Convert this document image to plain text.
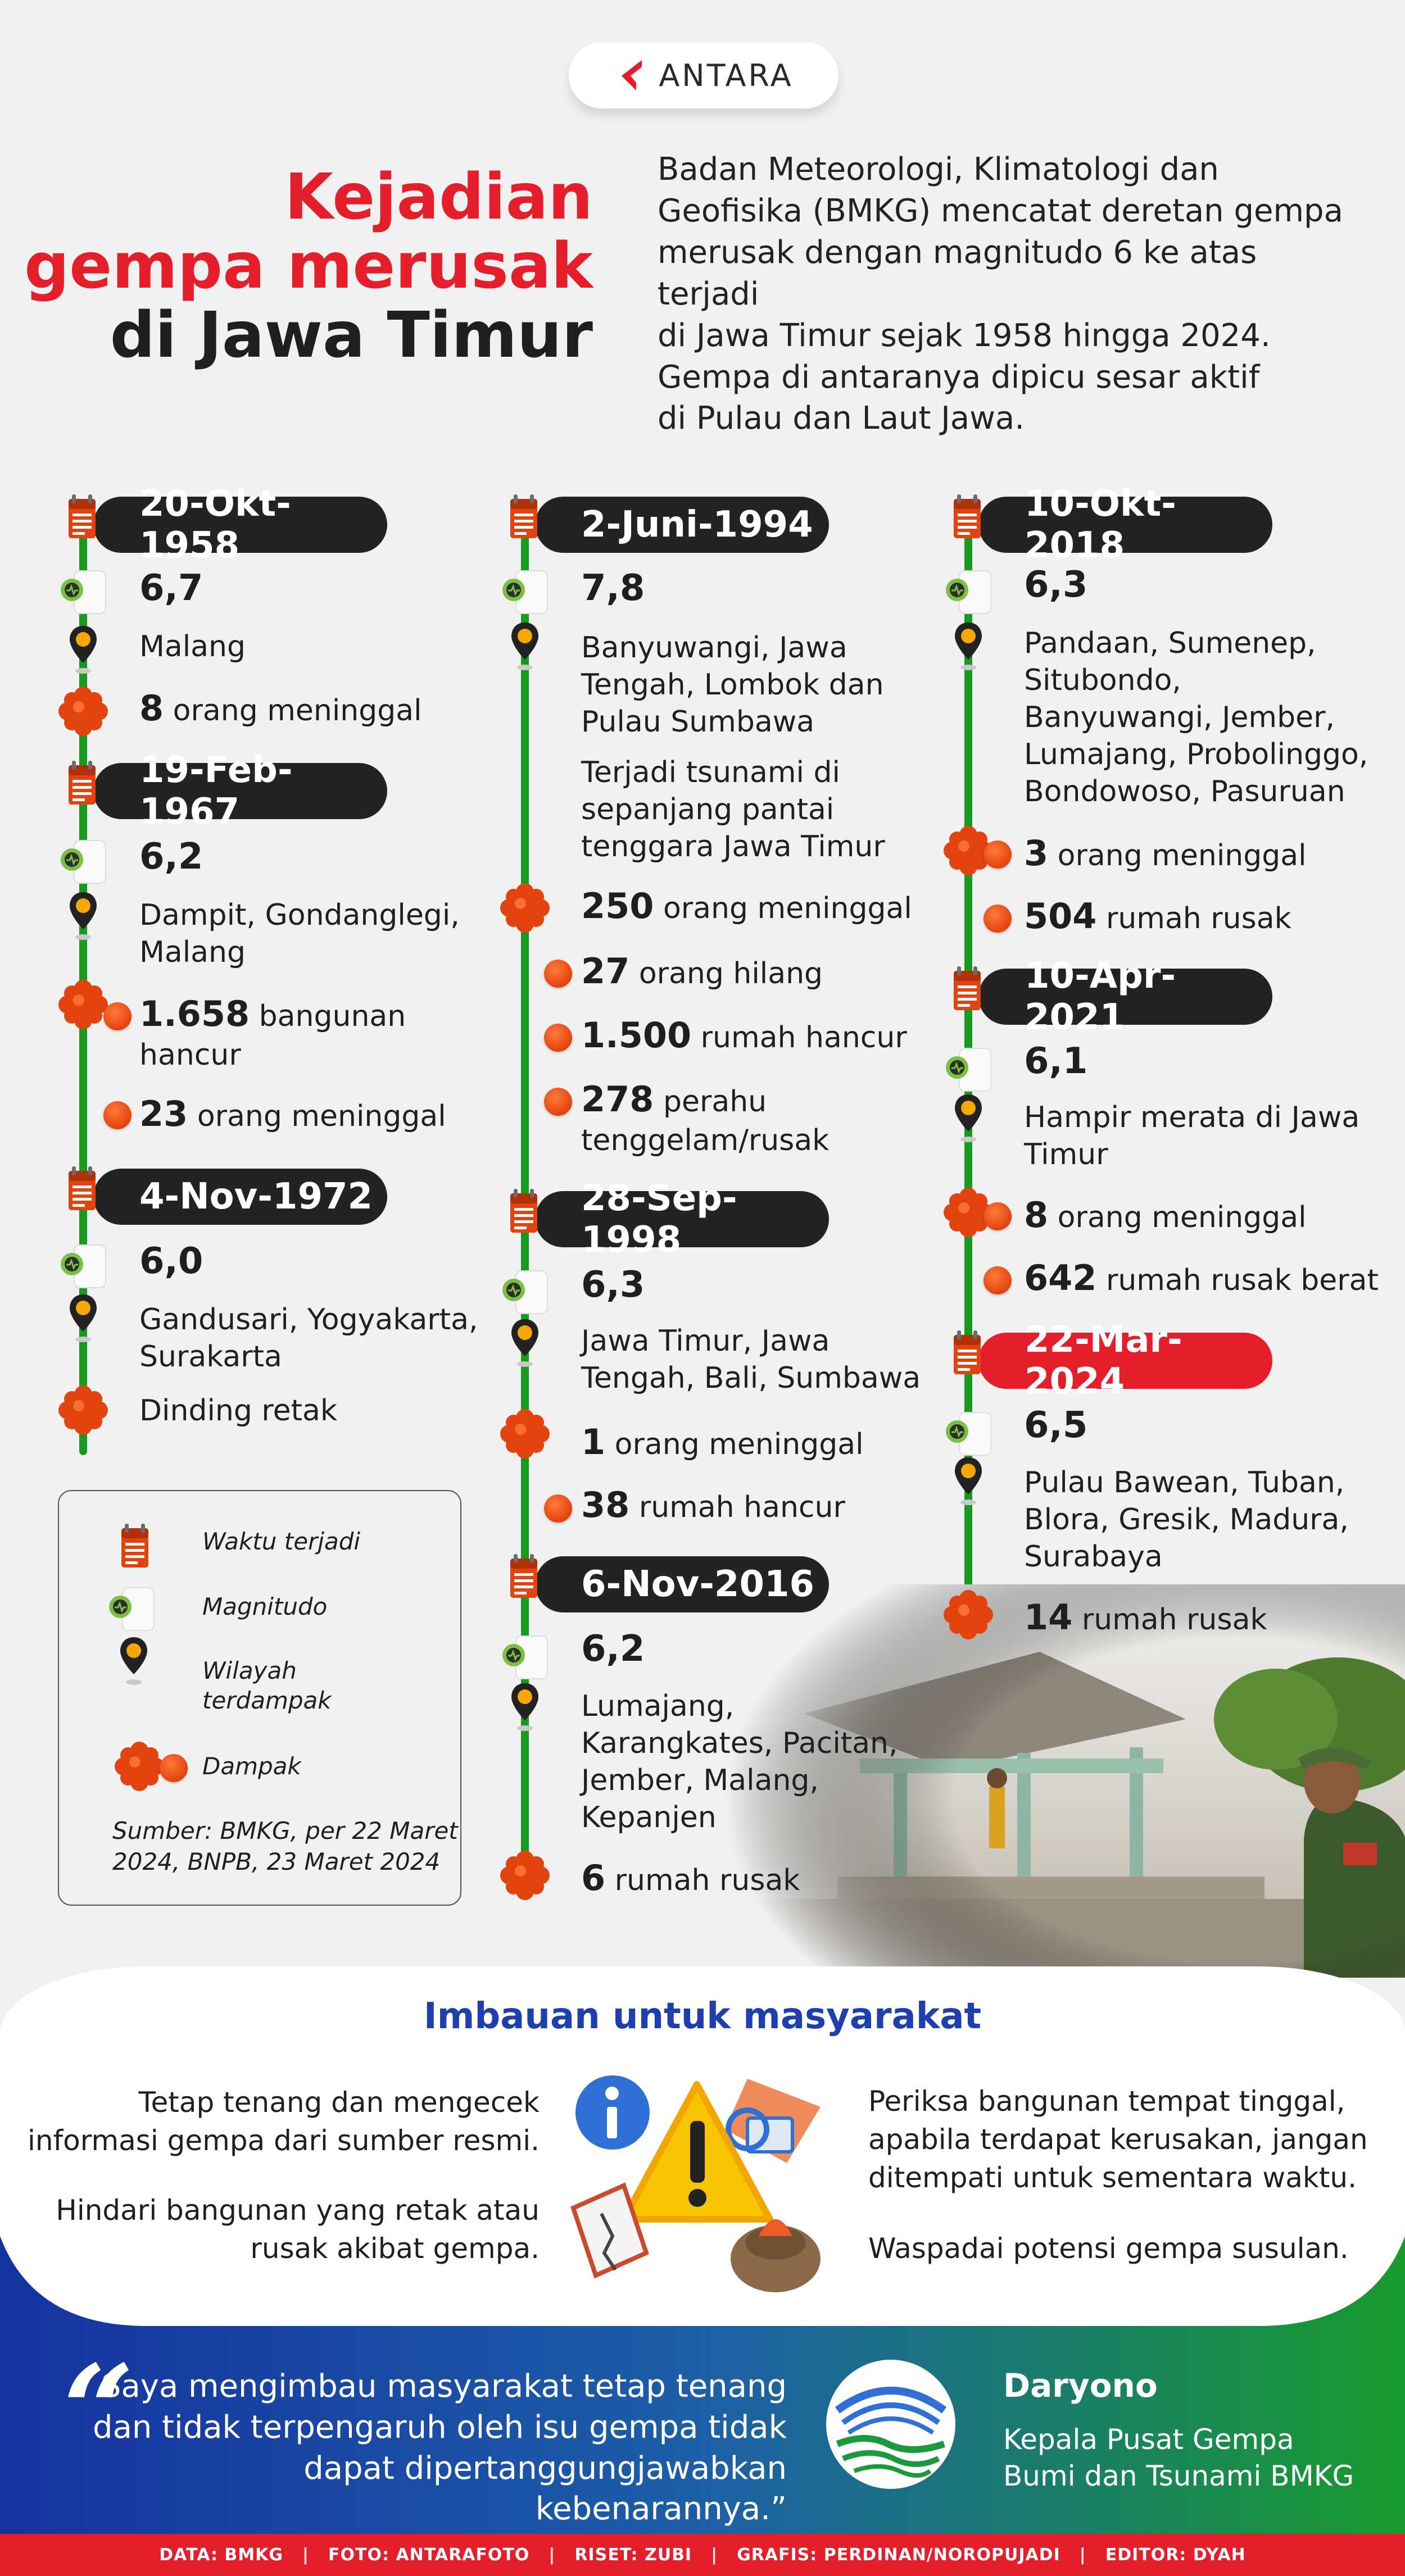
ANTARA
Kejadian
gempa merusak
di Jawa Timur
Badan Meteorologi, Klimatologi dan
Geofisika (BMKG) mencatat deretan gempa
merusak dengan magnitudo 6 ke atas terjadi
di Jawa Timur sejak 1958 hingga 2024.
Gempa di antaranya dipicu sesar aktif
di Pulau dan Laut Jawa.
20-Okt-1958
6,7
Malang
8 orang meninggal
19-Feb-1967
6,2
Dampit, Gondanglegi,
Malang
1.658 bangunan
hancur
23 orang meninggal
4-Nov-1972
6,0
Gandusari, Yogyakarta,
Surakarta
Dinding retak
Waktu terjadi
Magnitudo
Wilayah
terdampak
Dampak
Sumber: BMKG, per 22 Maret
2024, BNPB, 23 Maret 2024
2-Juni-1994
7,8
Banyuwangi, Jawa
Tengah, Lombok dan
Pulau Sumbawa
Terjadi tsunami di
sepanjang pantai
tenggara Jawa Timur
250 orang meninggal
27 orang hilang
1.500 rumah hancur
278 perahu
tenggelam/rusak
28-Sep-1998
6,3
Jawa Timur, Jawa
Tengah, Bali, Sumbawa
1 orang meninggal
38 rumah hancur
6-Nov-2016
6,2
Lumajang,
Karangkates, Pacitan,
Jember, Malang,
Kepanjen
6 rumah rusak
10-Okt-2018
6,3
Pandaan, Sumenep,
Situbondo,
Banyuwangi, Jember,
Lumajang, Probolinggo,
Bondowoso, Pasuruan
3 orang meninggal
504 rumah rusak
10-Apr-2021
6,1
Hampir merata di Jawa
Timur
8 orang meninggal
642 rumah rusak berat
22-Mar-2024
6,5
Pulau Bawean, Tuban,
Blora, Gresik, Madura,
Surabaya
14 rumah rusak
Imbauan untuk masyarakat
Tetap tenang dan mengecek
informasi gempa dari sumber resmi.
Hindari bangunan yang retak atau
rusak akibat gempa.
Periksa bangunan tempat tinggal,
apabila terdapat kerusakan, jangan
ditempati untuk sementara waktu.
Waspadai potensi gempa susulan.
“
Saya mengimbau masyarakat tetap tenang
dan tidak terpengaruh oleh isu gempa tidak
dapat dipertanggungjawabkan kebenarannya.”
Daryono
Kepala Pusat Gempa
Bumi dan Tsunami BMKG
DATA: BMKG | FOTO: ANTARAFOTO | RISET: ZUBI | GRAFIS: PERDINAN/NOROPUJADI | EDITOR: DYAH
